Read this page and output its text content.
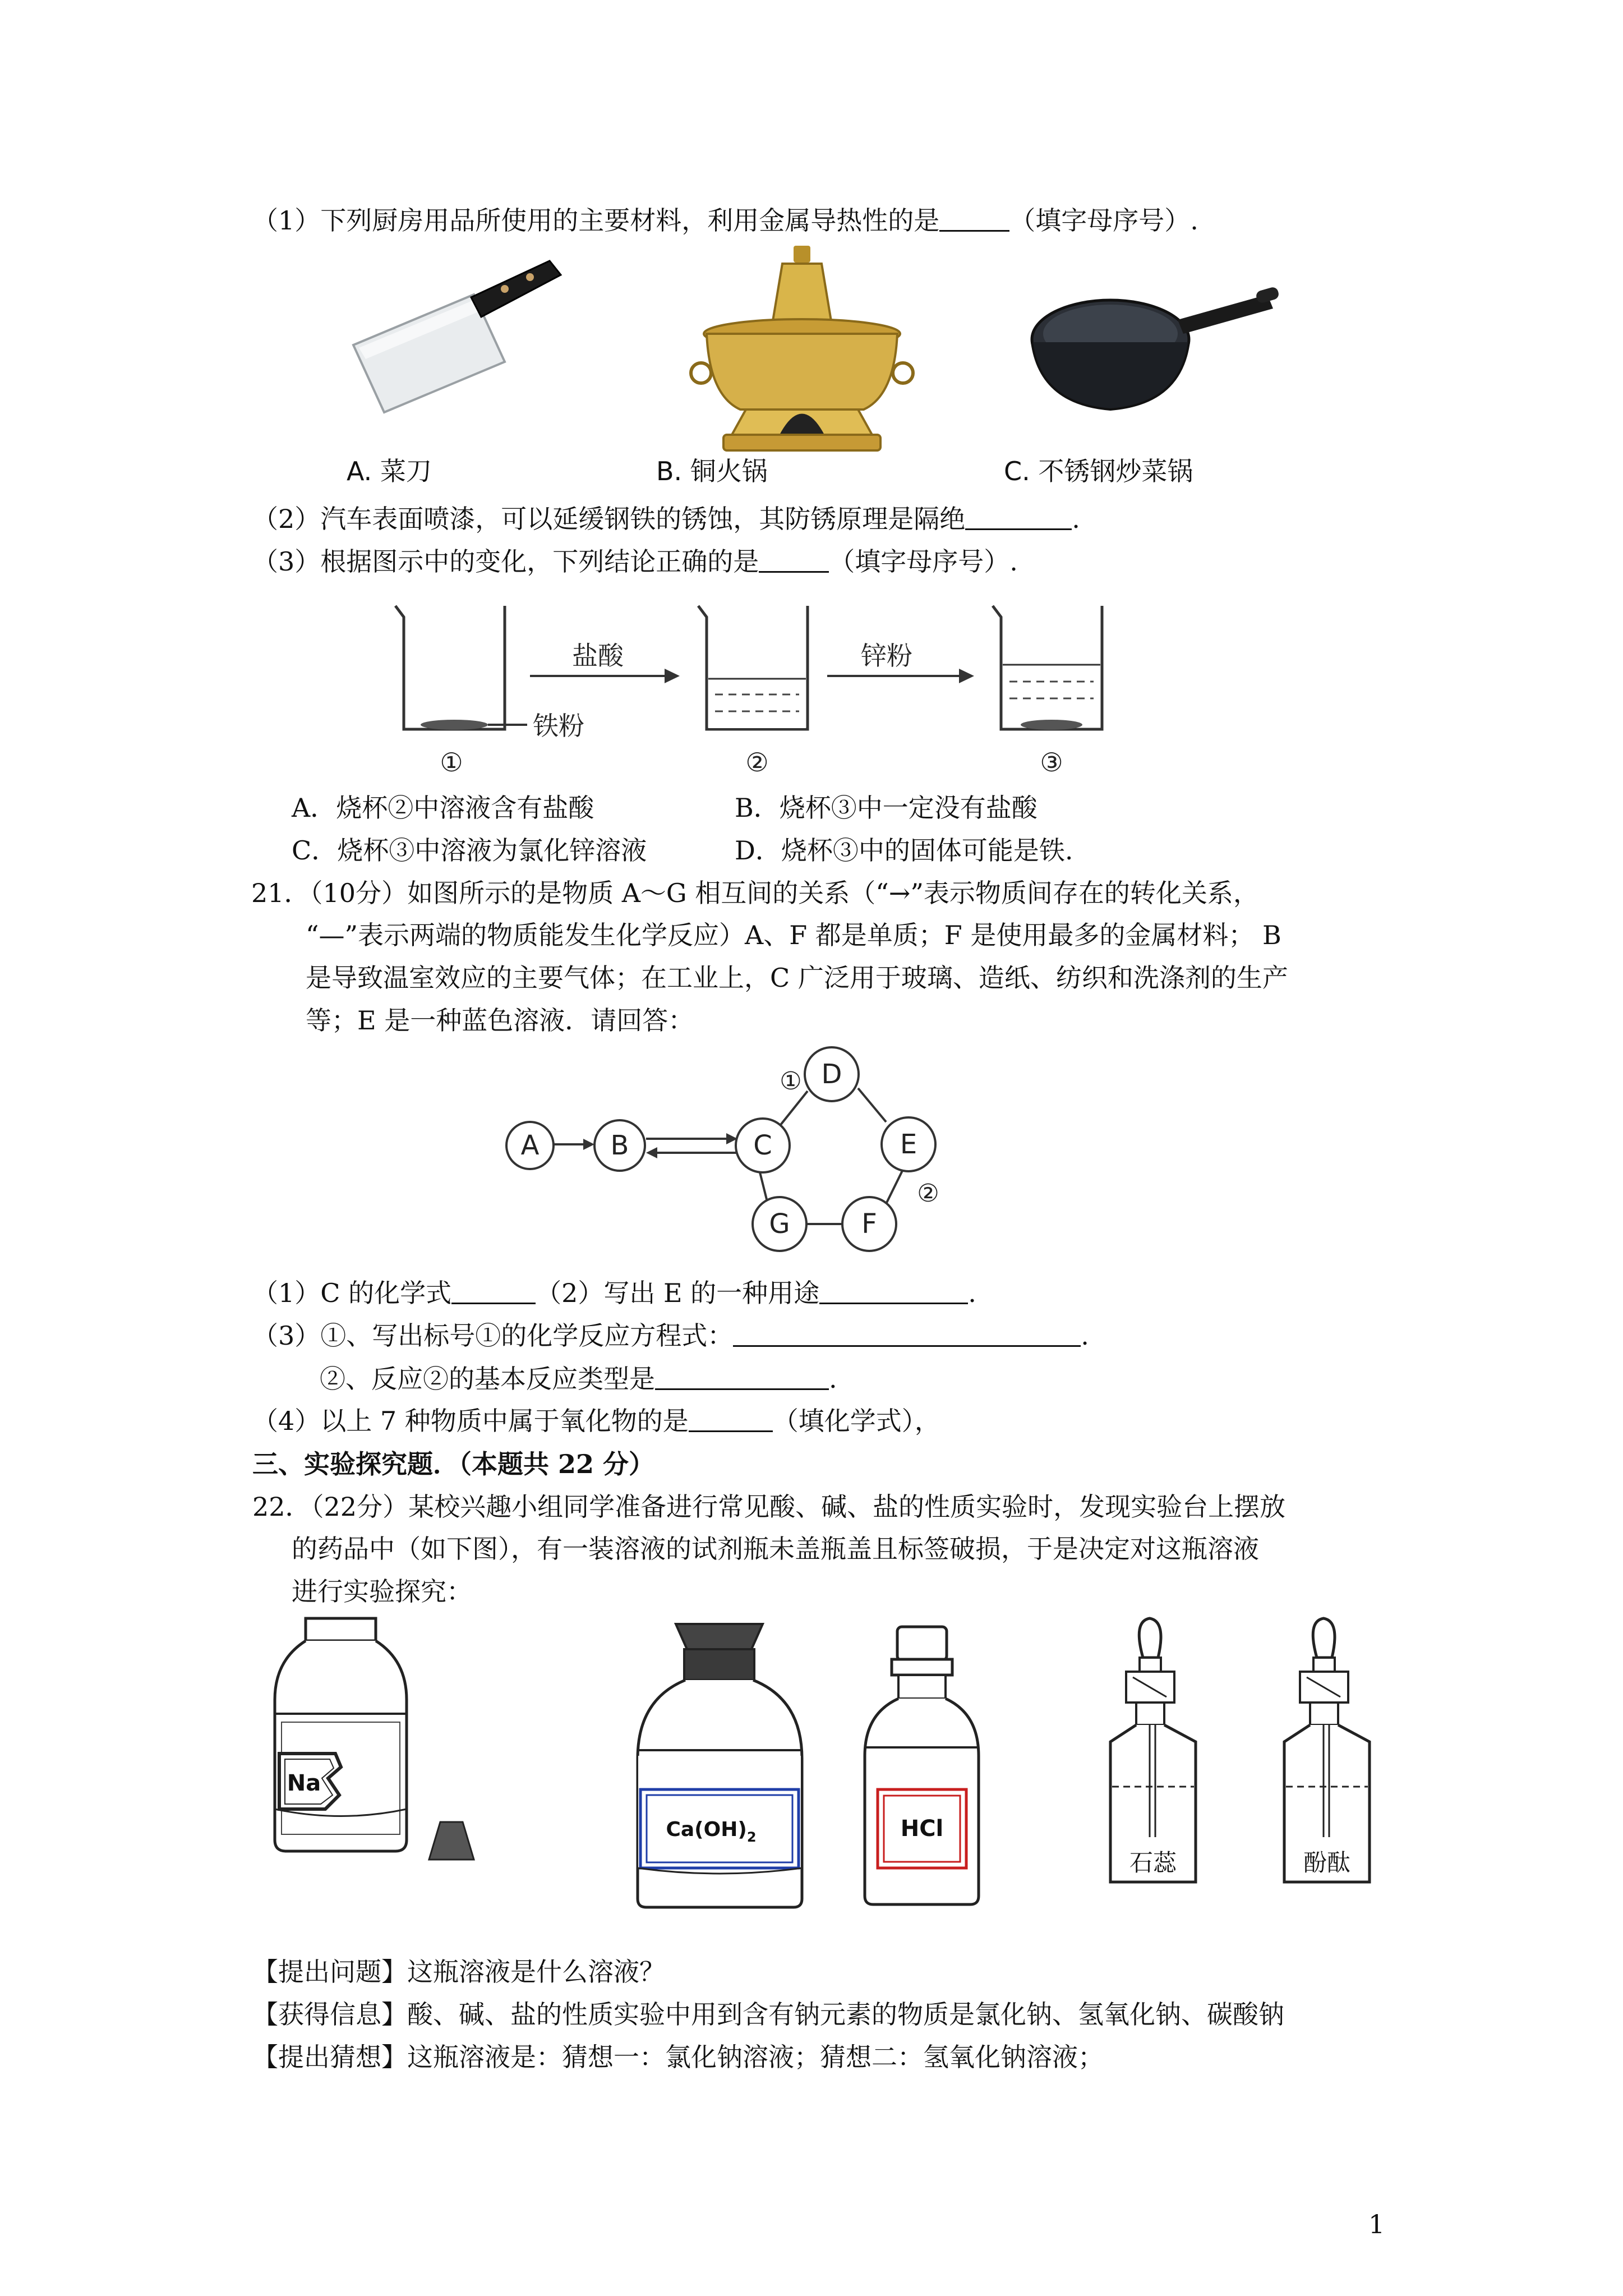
（1）下列厨房用品所使用的主要材料，利用金属导热性的是	（填字母序号）.
A. 菜刀	B. 铜火锅	C. 不锈钢炒菜锅
（2）汽车表面喷漆，可以延缓钢铁的锈蚀，其防锈原理是隔绝	.
（3）根据图示中的变化，下列结论正确的是	（填字母序号）.
铁粉
①
盐酸
②
锌粉
③
A．烧杯②中溶液含有盐酸	B．烧杯③中一定没有盐酸
C．烧杯③中溶液为氯化锌溶液	D．烧杯③中的固体可能是铁.
21．（10分）如图所示的是物质 A～G 相互间的关系（“→”表示物质间存在的转化关系，
“—”表示两端的物质能发生化学反应）A、F 都是单质；F 是使用最多的金属材料； B
是导致温室效应的主要气体；在工业上，C 广泛用于玻璃、造纸、纺织和洗涤剂的生产
等；E 是一种蓝色溶液．请回答：
A	B	C
D
E
F
G
①
②
（1）C 的化学式	（2）写出 E 的一种用途	.
（3）①、写出标号①的化学反应方程式：	.
②、反应②的基本反应类型是	.
（4）以上 7 种物质中属于氧化物的是	（填化学式），
三、实验探究题．（本题共 22 分）
22．（22分）某校兴趣小组同学准备进行常见酸、碱、盐的性质实验时，发现实验台上摆放
的药品中（如下图），有一装溶液的试剂瓶未盖瓶盖且标签破损，于是决定对这瓶溶液
进行实验探究：
Na
$Ca(OH)_2$	HCl
石蕊	酚酞
【提出问题】这瓶溶液是什么溶液？
【获得信息】酸、碱、盐的性质实验中用到含有钠元素的物质是氯化钠、氢氧化钠、碳酸钠
【提出猜想】这瓶溶液是：猜想一：氯化钠溶液；猜想二：氢氧化钠溶液；
1
